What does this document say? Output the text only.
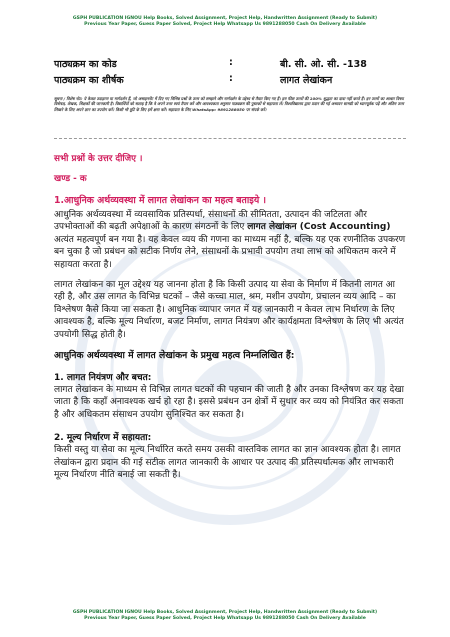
GSPH PUBLICATION IGNOU Help Books, Solved Assignment, Project Help, Handwritten Assignment (Ready to Submit)
Previous Year Paper, Guess Paper Solved, Project Help Whatsapp Us 9891288050 Cash On Delivery Available
पाठ्यक्रम का कोड	:	बी. सी. ओ. सी. -138
पाठ्यक्रम का शीर्षक	:	लागत लेखांकन
सूचना / विशेष नोट: ये केवल उदाहरण या मार्गदर्शन हैं, जो असाइनमेंट में दिए गए विभिन्न प्रश्नों के उत्तर को समझने और मार्गदर्शन के उद्देश्य से तैयार किए गए हैं। हम फीस उत्तरों की 100% शुद्धता का दावा नहीं करते हैं। इन उत्तरों का आधार विषय विशेषज्ञ, लेखक, शिक्षकों की जानकारी है। विद्यार्थियों को सलाह है कि वे अपने उत्तर स्वयं तैयार करें और आवश्यकता अनुसार पाठ्यक्रम की पुस्तकों से सहायता लें। विश्वविद्यालय द्वारा प्रदान की गई अध्ययन सामग्री को ध्यानपूर्वक पढ़ें और अंतिम उत्तर लिखने के लिए अपने ज्ञान का उपयोग करें। किसी भी त्रुटि के लिए हमें क्षमा करें। सहायता के लिए WhatsApp: 9891288050 पर संपर्क करें।

सभी प्रश्नों के उत्तर दीजिए ।

खण्ड - क

1.आधुनिक अर्थव्यवस्था में लागत लेखांकन का महत्व बताइये ।

आधुनिक अर्थव्यवस्था में व्यवसायिक प्रतिस्पर्धा, संसाधनों की सीमितता, उत्पादन की जटिलता और उपभोक्ताओं की बढ़ती अपेक्षाओं के कारण संगठनों के लिए लागत लेखांकन (Cost Accounting) अत्यंत महत्वपूर्ण बन गया है। यह केवल व्यय की गणना का माध्यम नहीं है, बल्कि यह एक रणनीतिक उपकरण बन चुका है जो प्रबंधन को सटीक निर्णय लेने, संसाधनों के प्रभावी उपयोग तथा लाभ को अधिकतम करने में सहायता करता है।

लागत लेखांकन का मूल उद्देश्य यह जानना होता है कि किसी उत्पाद या सेवा के निर्माण में कितनी लागत आ रही है, और उस लागत के विभिन्न घटकों – जैसे कच्चा माल, श्रम, मशीन उपयोग, प्रचालन व्यय आदि – का विश्लेषण कैसे किया जा सकता है। आधुनिक व्यापार जगत में यह जानकारी न केवल लाभ निर्धारण के लिए आवश्यक है, बल्कि मूल्य निर्धारण, बजट निर्माण, लागत नियंत्रण और कार्यक्षमता विश्लेषण के लिए भी अत्यंत उपयोगी सिद्ध होती है।

आधुनिक अर्थव्यवस्था में लागत लेखांकन के प्रमुख महत्व निम्नलिखित हैं:

1. लागत नियंत्रण और बचत:

लागत लेखांकन के माध्यम से विभिन्न लागत घटकों की पहचान की जाती है और उनका विश्लेषण कर यह देखा जाता है कि कहाँ अनावश्यक खर्च हो रहा है। इससे प्रबंधन उन क्षेत्रों में सुधार कर व्यय को नियंत्रित कर सकता है और अधिकतम संसाधन उपयोग सुनिश्चित कर सकता है।

2. मूल्य निर्धारण में सहायता:

किसी वस्तु या सेवा का मूल्य निर्धारित करते समय उसकी वास्तविक लागत का ज्ञान आवश्यक होता है। लागत लेखांकन द्वारा प्रदान की गई सटीक लागत जानकारी के आधार पर उत्पाद की प्रतिस्पर्धात्मक और लाभकारी मूल्य निर्धारण नीति बनाई जा सकती है।

GSPH PUBLICATION IGNOU Help Books, Solved Assignment, Project Help, Handwritten Assignment (Ready to Submit)
Previous Year Paper, Guess Paper Solved, Project Help Whatsapp Us 9891288050 Cash On Delivery Available
